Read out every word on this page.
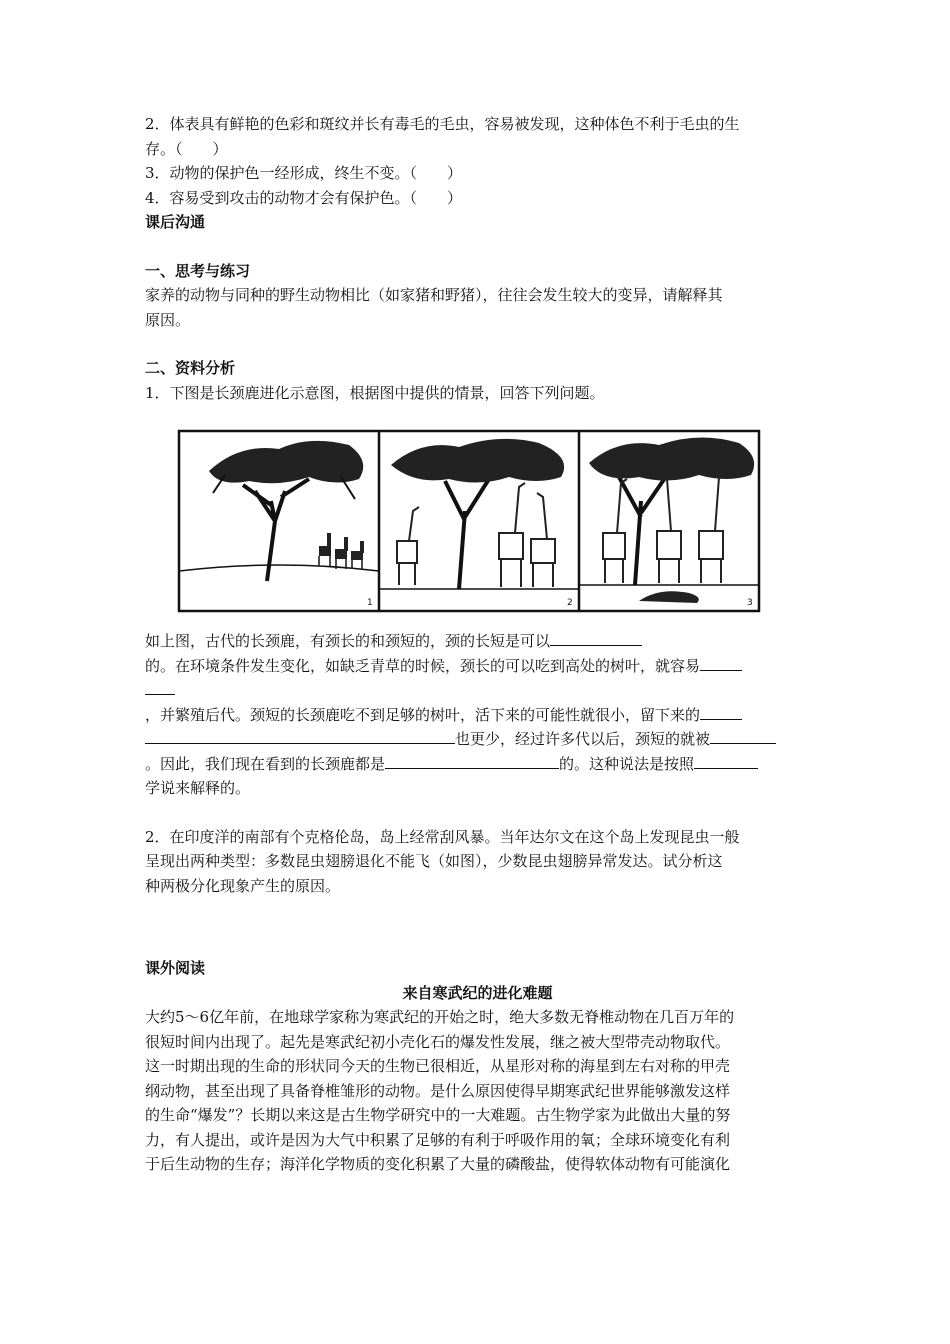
2．体表具有鲜艳的色彩和斑纹并长有毒毛的毛虫，容易被发现，这种体色不利于毛虫的生
存。（　　）
3．动物的保护色一经形成，终生不变。（　　）
4．容易受到攻击的动物才会有保护色。（　　）
课后沟通
一、思考与练习
家养的动物与同种的野生动物相比（如家猪和野猪），往往会发生较大的变异，请解释其
原因。
二、资料分析
1．下图是长颈鹿进化示意图，根据图中提供的情景，回答下列问题。
1	2	3
如上图，古代的长颈鹿，有颈长的和颈短的，颈的长短是可以
的。在环境条件发生变化，如缺乏青草的时候，颈长的可以吃到高处的树叶，就容易
，并繁殖后代。颈短的长颈鹿吃不到足够的树叶，活下来的可能性就很小，留下来的
也更少，经过许多代以后，颈短的就被
。因此，我们现在看到的长颈鹿都是	的。这种说法是按照
学说来解释的。
2．在印度洋的南部有个克格伦岛，岛上经常刮风暴。当年达尔文在这个岛上发现昆虫一般
呈现出两种类型：多数昆虫翅膀退化不能飞（如图），少数昆虫翅膀异常发达。试分析这
种两极分化现象产生的原因。
课外阅读
来自寒武纪的进化难题
大约5～6亿年前，在地球学家称为寒武纪的开始之时，绝大多数无脊椎动物在几百万年的
很短时间内出现了。起先是寒武纪初小壳化石的爆发性发展，继之被大型带壳动物取代。
这一时期出现的生命的形状同今天的生物已很相近，从星形对称的海星到左右对称的甲壳
纲动物，甚至出现了具备脊椎雏形的动物。是什么原因使得早期寒武纪世界能够激发这样
的生命“爆发”？长期以来这是古生物学研究中的一大难题。古生物学家为此做出大量的努
力，有人提出，或许是因为大气中积累了足够的有利于呼吸作用的氧；全球环境变化有利
于后生动物的生存；海洋化学物质的变化积累了大量的磷酸盐，使得软体动物有可能演化
